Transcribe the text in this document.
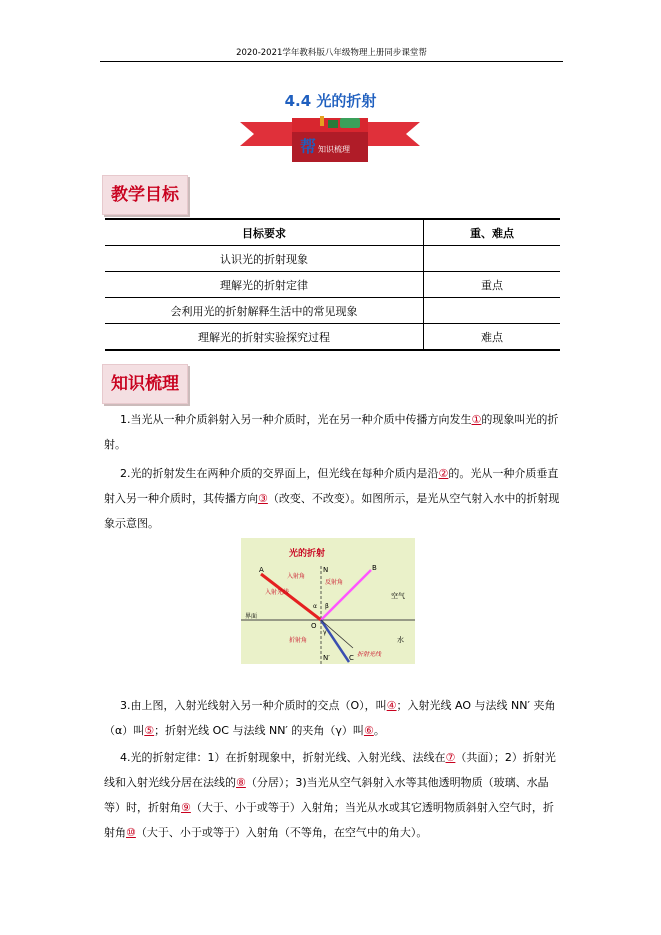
2020-2021学年教科版八年级物理上册同步课堂帮
4.4 光的折射
帮 知识梳理
教学目标
目标要求	重、难点
认识光的折射现象	
理解光的折射定律	重点
会利用光的折射解释生活中的常见现象	
理解光的折射实验探究过程	难点
知识梳理
1.当光从一种介质斜射入另一种介质时，光在另一种介质中传播方向发生①的现象叫光的折射。
2.光的折射发生在两种介质的交界面上，但光线在每种介质内是沿②的。光从一种介质垂直射入另一种介质时，其传播方向③（改变、不改变）。如图所示，是光从空气射入水中的折射现象示意图。
光的折射
A	B
C
N
N′
O
入射角
反射角
折射角
入射光线	空气
水
界面
折射光线
α β
γ
3.由上图，入射光线射入另一种介质时的交点（O），叫④；入射光线 AO 与法线 NN′ 夹角（α）叫⑤；折射光线 OC 与法线 NN′ 的夹角（γ）叫⑥。
4.光的折射定律：1）在折射现象中，折射光线、入射光线、法线在⑦（共面）；2）折射光线和入射光线分居在法线的⑧（分居）；3)当光从空气斜射入水等其他透明物质（玻璃、水晶等）时，折射角⑨（大于、小于或等于）入射角；当光从水或其它透明物质斜射入空气时，折射角⑩（大于、小于或等于）入射角（不等角，在空气中的角大）。
